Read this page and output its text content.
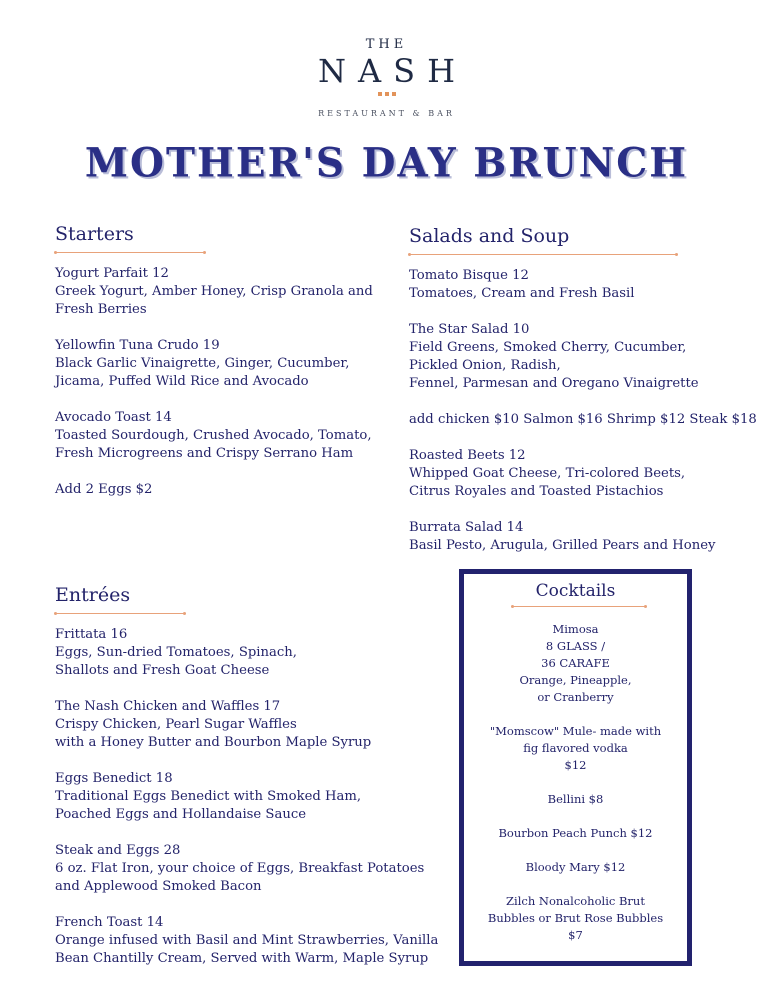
THE
NASH
RESTAURANT & BAR
MOTHER'S DAY BRUNCH
Starters
Yogurt Parfait 12
Greek Yogurt, Amber Honey, Crisp Granola and
Fresh Berries
Yellowfin Tuna Crudo 19
Black Garlic Vinaigrette, Ginger, Cucumber,
Jicama, Puffed Wild Rice and Avocado
Avocado Toast 14
Toasted Sourdough, Crushed Avocado, Tomato,
Fresh Microgreens and Crispy Serrano Ham
Add 2 Eggs $2
Salads and Soup
Tomato Bisque 12
Tomatoes, Cream and Fresh Basil
The Star Salad 10
Field Greens, Smoked Cherry, Cucumber,
Pickled Onion, Radish,
Fennel, Parmesan and Oregano Vinaigrette
add chicken $10 Salmon $16 Shrimp $12 Steak $18
Roasted Beets 12
Whipped Goat Cheese, Tri-colored Beets,
Citrus Royales and Toasted Pistachios
Burrata Salad 14
Basil Pesto, Arugula, Grilled Pears and Honey
Entrées
Frittata 16
Eggs, Sun-dried Tomatoes, Spinach,
Shallots and Fresh Goat Cheese
The Nash Chicken and Waffles 17
Crispy Chicken, Pearl Sugar Waffles
with a Honey Butter and Bourbon Maple Syrup
Eggs Benedict 18
Traditional Eggs Benedict with Smoked Ham,
Poached Eggs and Hollandaise Sauce
Steak and Eggs 28
6 oz. Flat Iron, your choice of Eggs, Breakfast Potatoes
and Applewood Smoked Bacon
French Toast 14
Orange infused with Basil and Mint Strawberries, Vanilla
Bean Chantilly Cream, Served with Warm, Maple Syrup
Cocktails
Mimosa
8 GLASS /
36 CARAFE
Orange, Pineapple,
or Cranberry
"Momscow" Mule- made with
fig flavored vodka
$12
Bellini $8
Bourbon Peach Punch $12
Bloody Mary $12
Zilch Nonalcoholic Brut
Bubbles or Brut Rose Bubbles
$7
